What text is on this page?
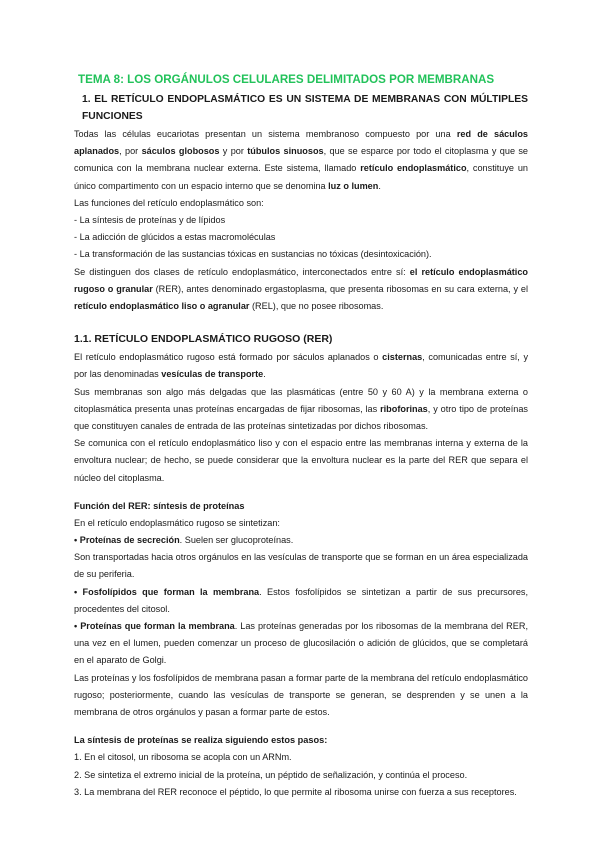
TEMA 8: LOS ORGÁNULOS CELULARES DELIMITADOS POR MEMBRANAS
1. EL RETÍCULO ENDOPLASMÁTICO ES UN SISTEMA DE MEMBRANAS CON MÚLTIPLES FUNCIONES

Todas las células eucariotas presentan un sistema membranoso compuesto por una red de sáculos aplanados, por sáculos globosos y por túbulos sinuosos, que se esparce por todo el citoplasma y que se comunica con la membrana nuclear externa. Este sistema, llamado retículo endoplasmático, constituye un único compartimento con un espacio interno que se denomina luz o lumen.

Las funciones del retículo endoplasmático son:

- La síntesis de proteínas y de lípidos

- La adicción de glúcidos a estas macromoléculas

- La transformación de las sustancias tóxicas en sustancias no tóxicas (desintoxicación).

Se distinguen dos clases de retículo endoplasmático, interconectados entre sí: el retículo endoplasmático rugoso o granular (RER), antes denominado ergastoplasma, que presenta ribosomas en su cara externa, y el retículo endoplasmático liso o agranular (REL), que no posee ribosomas.

1.1. RETÍCULO ENDOPLASMÁTICO RUGOSO (RER)

El retículo endoplasmático rugoso está formado por sáculos aplanados o cisternas, comunicadas entre sí, y por las denominadas vesículas de transporte.

Sus membranas son algo más delgadas que las plasmáticas (entre 50 y 60 A) y la membrana externa o citoplasmática presenta unas proteínas encargadas de fijar ribosomas, las riboforinas, y otro tipo de proteínas que constituyen canales de entrada de las proteínas sintetizadas por dichos ribosomas.

Se comunica con el retículo endoplasmático liso y con el espacio entre las membranas interna y externa de la envoltura nuclear; de hecho, se puede considerar que la envoltura nuclear es la parte del RER que separa el núcleo del citoplasma.

Función del RER: síntesis de proteínas

En el retículo endoplasmático rugoso se sintetizan:

• Proteínas de secreción. Suelen ser glucoproteínas.

Son transportadas hacia otros orgánulos en las vesículas de transporte que se forman en un área especializada de su periferia.

• Fosfolípidos que forman la membrana. Estos fosfolípidos se sintetizan a partir de sus precursores, procedentes del citosol.

• Proteínas que forman la membrana. Las proteínas generadas por los ribosomas de la membrana del RER, una vez en el lumen, pueden comenzar un proceso de glucosilación o adición de glúcidos, que se completará en el aparato de Golgi.

Las proteínas y los fosfolípidos de membrana pasan a formar parte de la membrana del retículo endoplasmático rugoso; posteriormente, cuando las vesículas de transporte se generan, se desprenden y se unen a la membrana de otros orgánulos y pasan a formar parte de estos.

La síntesis de proteínas se realiza siguiendo estos pasos:

1. En el citosol, un ribosoma se acopla con un ARNm.

2. Se sintetiza el extremo inicial de la proteína, un péptido de señalización, y continúa el proceso.

3. La membrana del RER reconoce el péptido, lo que permite al ribosoma unirse con fuerza a sus receptores.
